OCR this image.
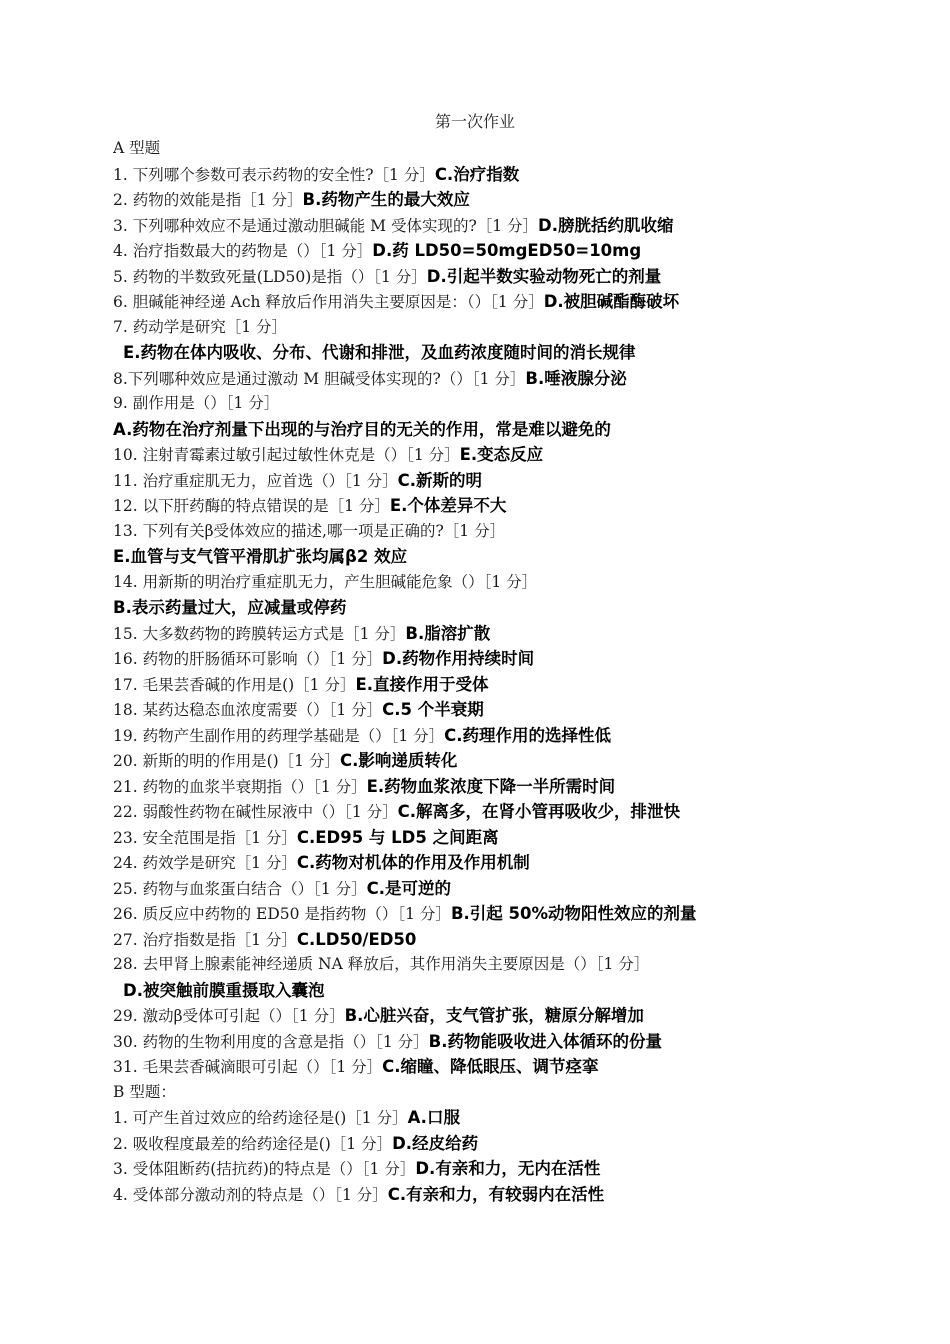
第一次作业
A 型题
1. 下列哪个参数可表示药物的安全性?［1 分］C.治疗指数
2. 药物的效能是指［1 分］B.药物产生的最大效应
3. 下列哪种效应不是通过激动胆碱能 M 受体实现的?［1 分］D.膀胱括约肌收缩
4. 治疗指数最大的药物是（）［1 分］D.药 LD50=50mgED50=10mg
5. 药物的半数致死量(LD50)是指（）［1 分］D.引起半数实验动物死亡的剂量
6. 胆碱能神经递 Ach 释放后作用消失主要原因是：（）［1 分］D.被胆碱酯酶破坏
7. 药动学是研究［1 分］
E.药物在体内吸收、分布、代谢和排泄，及血药浓度随时间的消长规律
8.下列哪种效应是通过激动 M 胆碱受体实现的?（）［1 分］B.唾液腺分泌
9. 副作用是（）［1 分］
A.药物在治疗剂量下出现的与治疗目的无关的作用，常是难以避免的
10. 注射青霉素过敏引起过敏性休克是（）［1 分］E.变态反应
11. 治疗重症肌无力，应首选（）［1 分］C.新斯的明
12. 以下肝药酶的特点错误的是［1 分］E.个体差异不大
13. 下列有关β受体效应的描述,哪一项是正确的?［1 分］
E.血管与支气管平滑肌扩张均属β2 效应
14. 用新斯的明治疗重症肌无力，产生胆碱能危象（）［1 分］
B.表示药量过大，应减量或停药
15. 大多数药物的跨膜转运方式是［1 分］B.脂溶扩散
16. 药物的肝肠循环可影响（）［1 分］D.药物作用持续时间
17. 毛果芸香碱的作用是()［1 分］E.直接作用于受体
18. 某药达稳态血浓度需要（）［1 分］C.5 个半衰期
19. 药物产生副作用的药理学基础是（）［1 分］C.药理作用的选择性低
20. 新斯的明的作用是()［1 分］C.影响递质转化
21. 药物的血浆半衰期指（）［1 分］E.药物血浆浓度下降一半所需时间
22. 弱酸性药物在碱性尿液中（）［1 分］C.解离多，在肾小管再吸收少，排泄快
23. 安全范围是指［1 分］C.ED95 与 LD5 之间距离
24. 药效学是研究［1 分］C.药物对机体的作用及作用机制
25. 药物与血浆蛋白结合（）［1 分］C.是可逆的
26. 质反应中药物的 ED50 是指药物（）［1 分］B.引起 50%动物阳性效应的剂量
27. 治疗指数是指［1 分］C.LD50/ED50
28. 去甲肾上腺素能神经递质 NA 释放后，其作用消失主要原因是（）［1 分］
D.被突触前膜重摄取入囊泡
29. 激动β受体可引起（）［1 分］B.心脏兴奋，支气管扩张，糖原分解增加
30. 药物的生物利用度的含意是指（）［1 分］B.药物能吸收进入体循环的份量
31. 毛果芸香碱滴眼可引起（）［1 分］C.缩瞳、降低眼压、调节痉挛
B 型题：
1. 可产生首过效应的给药途径是()［1 分］A.口服
2. 吸收程度最差的给药途径是()［1 分］D.经皮给药
3. 受体阻断药(拮抗药)的特点是（）［1 分］D.有亲和力，无内在活性
4. 受体部分激动剂的特点是（）［1 分］C.有亲和力，有较弱内在活性
